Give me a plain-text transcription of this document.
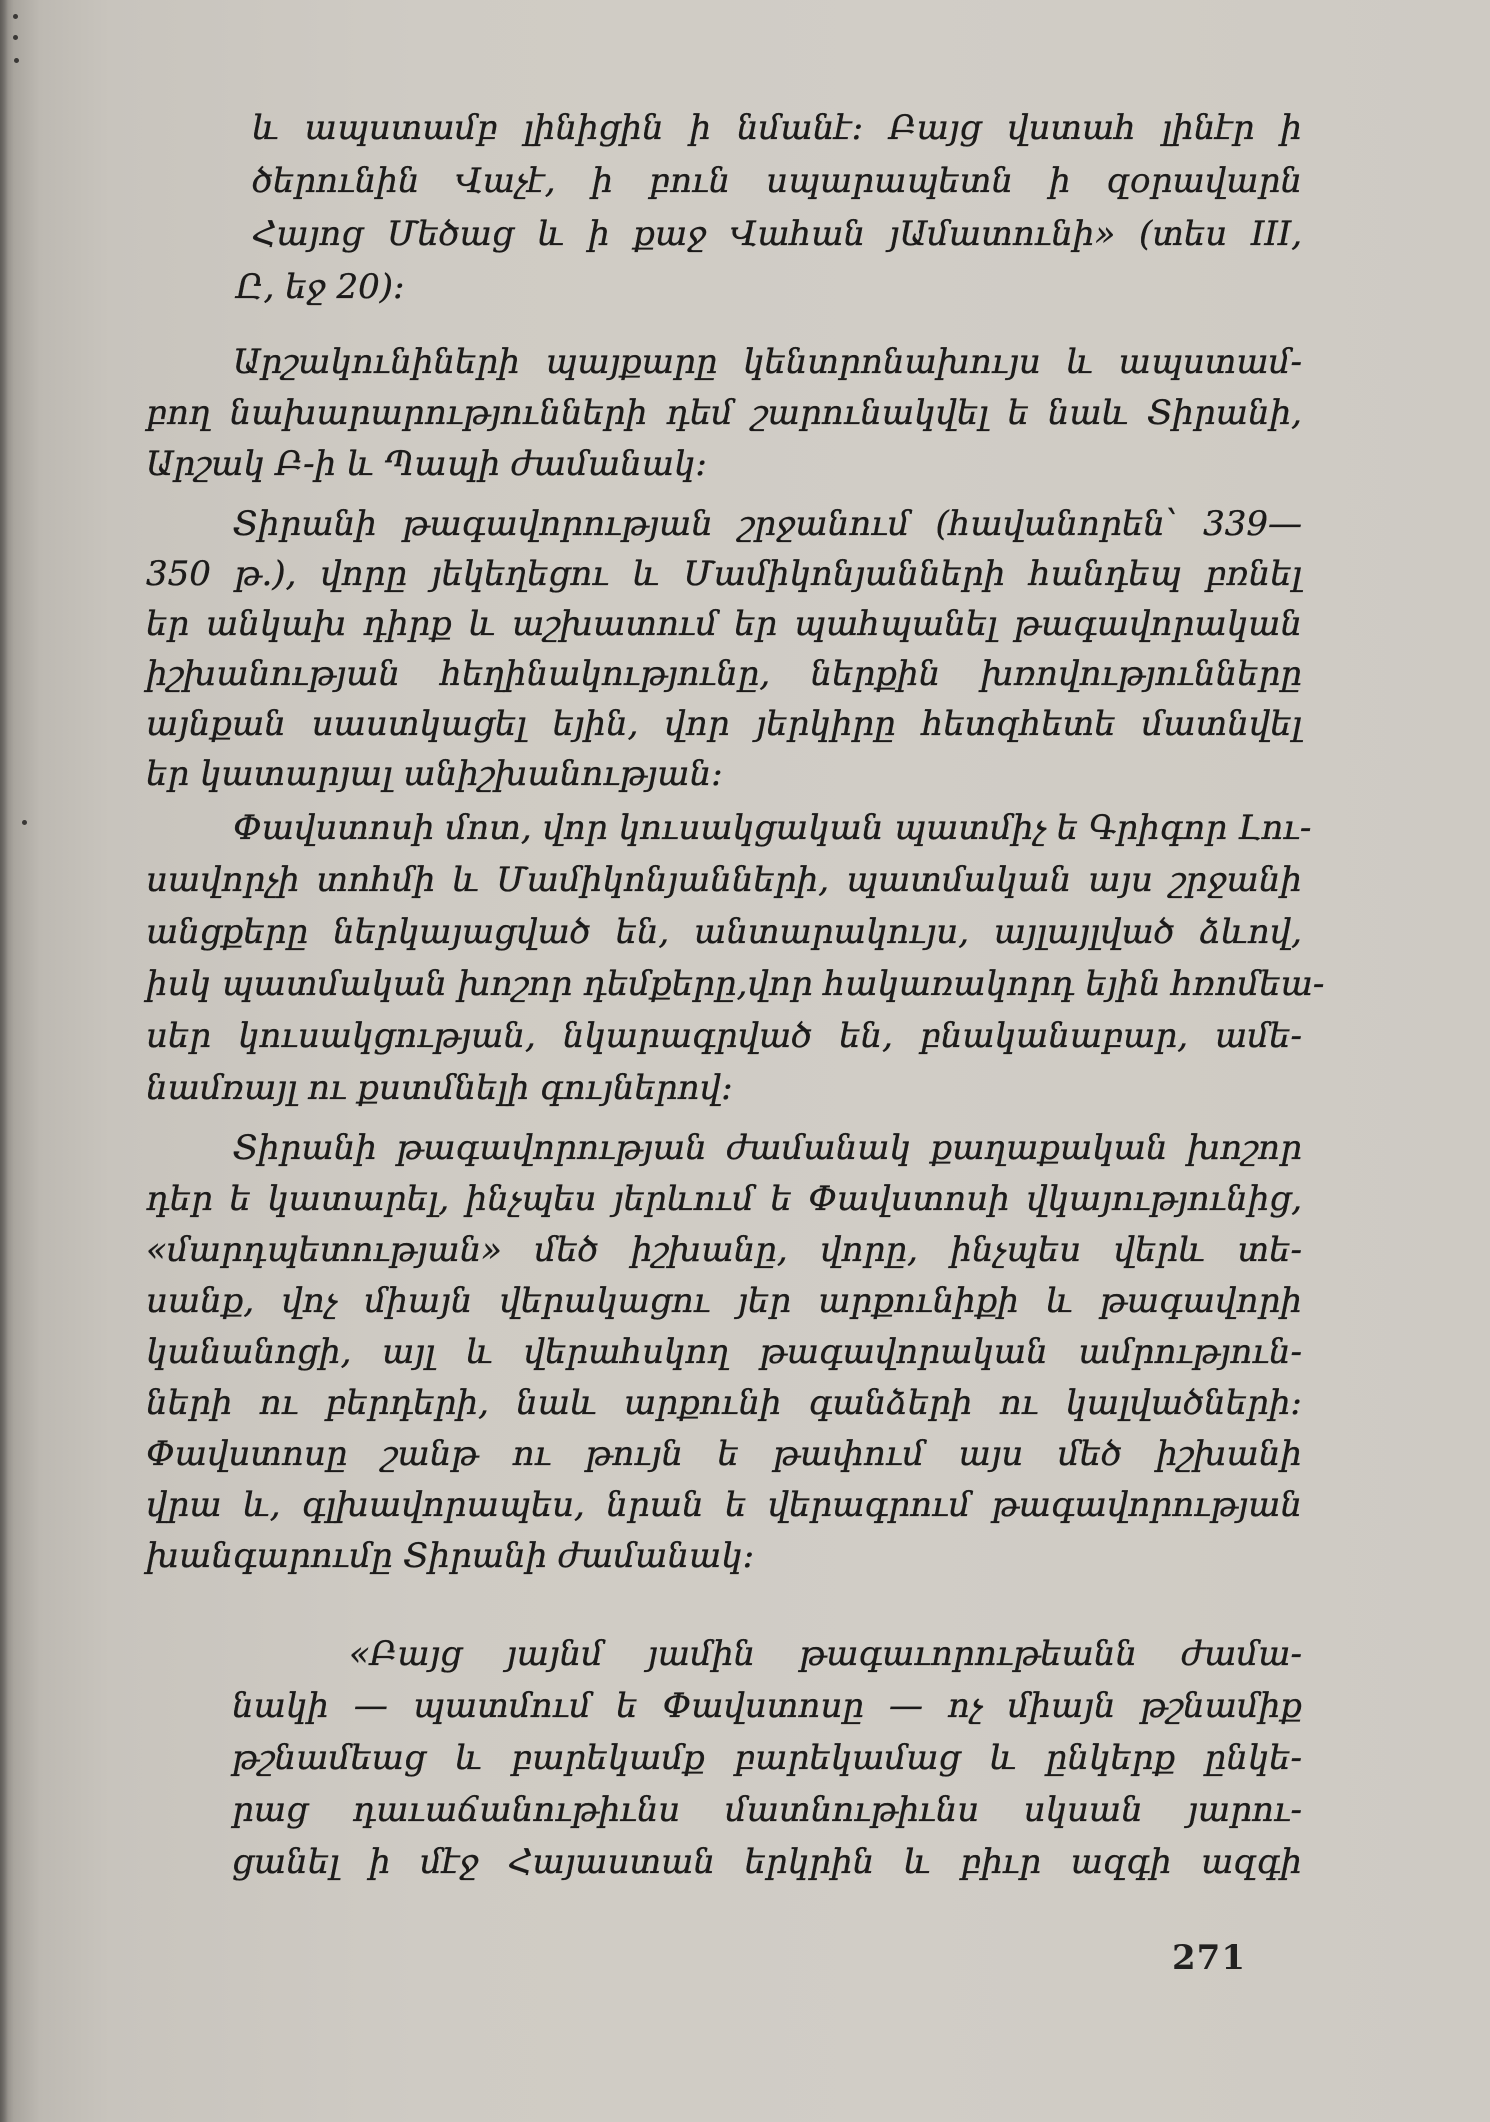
և ապստամբ լինիցին ի նմանէ։ Բայց վստահ լինէր ի
ծերունին Վաչէ, ի բուն սպարապետն ի զօրավարն
Հայոց Մեծաց և ի քաջ Վահան յԱմատունի» (տես III,
Ը, եջ 20)։
Արշակունիների պայքարը կենտրոնախույս և ապստամ-
բող նախարարությունների դեմ շարունակվել ե նաև Տիրանի,
Արշակ Բ-ի և Պապի ժամանակ։
Տիրանի թագավորության շրջանում (հավանորեն՝ 339—
350 թ.), վորը յեկեղեցու և Մամիկոնյանների հանդեպ բռնել
եր անկախ դիրք և աշխատում եր պահպանել թագավորական
իշխանության հեղինակությունը, ներքին խռովությունները
այնքան սաստկացել եյին, վոր յերկիրը հետզհետե մատնվել
եր կատարյալ անիշխանության։
Փավստոսի մոտ, վոր կուսակցական պատմիչ ե Գրիգոր Լու-
սավորչի տոհմի և Մամիկոնյանների, պատմական այս շրջանի
անցքերը ներկայացված են, անտարակույս, այլայլված ձևով,
իսկ պատմական խոշոր դեմքերը,վոր հակառակորդ եյին հռոմեա-
սեր կուսակցության, նկարագրված են, բնականաբար, ամե-
նամռայլ ու քստմնելի գույներով։
Տիրանի թագավորության ժամանակ քաղաքական խոշոր
դեր ե կատարել, ինչպես յերևում ե Փավստոսի վկայությունից,
«մարդպետության» մեծ իշխանը, վորը, ինչպես վերև տե-
սանք, վոչ միայն վերակացու յեր արքունիքի և թագավորի
կանանոցի, այլ և վերահսկող թագավորական ամրություն-
ների ու բերդերի, նաև արքունի գանձերի ու կալվածների։
Փավստոսը շանթ ու թույն ե թափում այս մեծ իշխանի
վրա և, գլխավորապես, նրան ե վերագրում թագավորության
խանգարումը Տիրանի ժամանակ։
«Բայց յայնմ յամին թագաւորութեանն ժամա-
նակի — պատմում ե Փավստոսը — ոչ միայն թշնամիք
թշնամեաց և բարեկամք բարեկամաց և ընկերք ընկե-
րաց դաւաճանութիւնս մատնութիւնս սկսան յարու-
ցանել ի մէջ Հայաստան երկրին և բիւր ազգի ազգի
271
